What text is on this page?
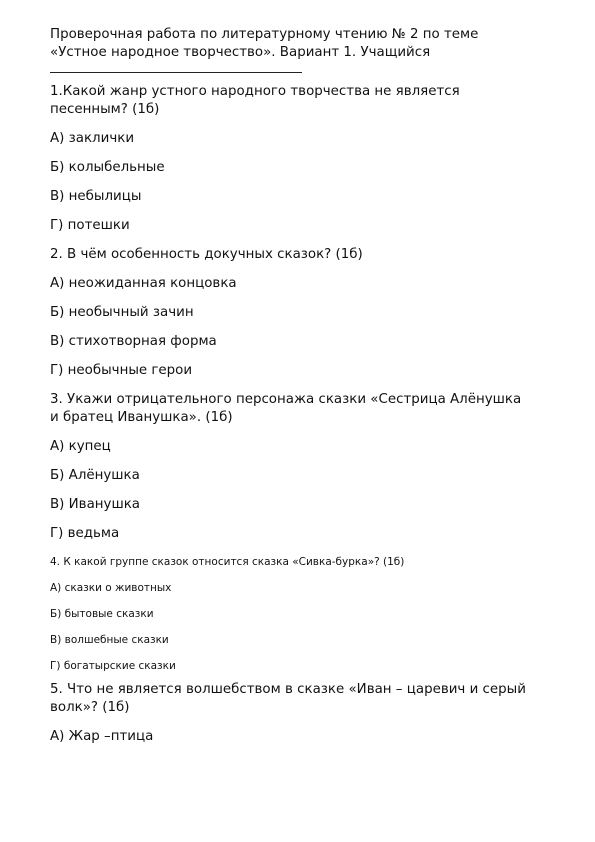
Проверочная работа по литературному чтению № 2 по теме
«Устное народное творчество». Вариант 1. Учащийся
1.Какой жанр устного народного творчества не является
песенным? (1б)
А) заклички
Б) колыбельные
В) небылицы
Г) потешки
2. В чём особенность докучных сказок? (1б)
А) неожиданная концовка
Б) необычный зачин
В) стихотворная форма
Г) необычные герои
3. Укажи отрицательного персонажа сказки «Сестрица Алёнушка
и братец Иванушка». (1б)
А) купец
Б) Алёнушка
В) Иванушка
Г) ведьма
4. К какой группе сказок относится сказка «Сивка-бурка»? (1б)
А) сказки о животных
Б) бытовые сказки
В) волшебные сказки
Г) богатырские сказки
5. Что не является волшебством в сказке «Иван – царевич и серый
волк»? (1б)
А) Жар –птица
